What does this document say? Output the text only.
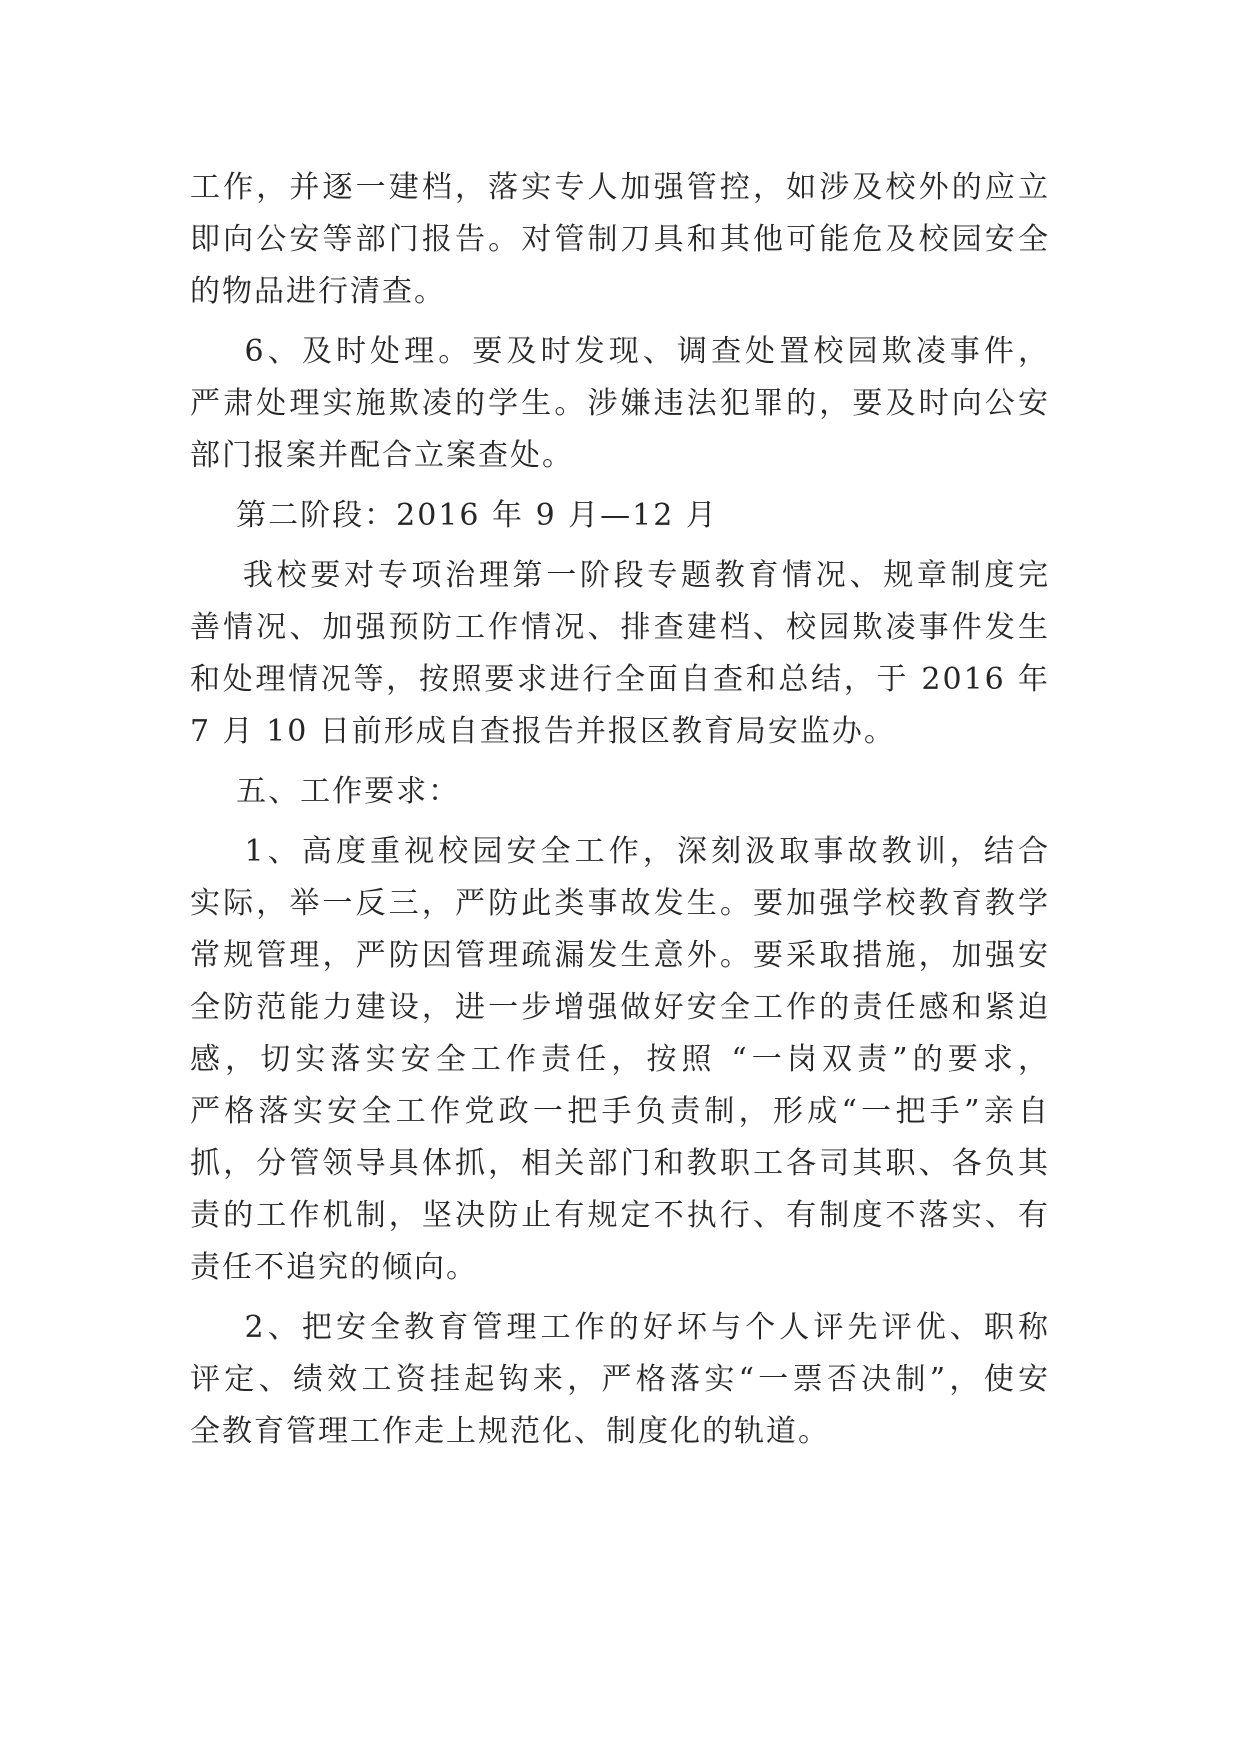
工作，并逐一建档，落实专人加强管控，如涉及校外的应立
即向公安等部门报告。对管制刀具和其他可能危及校园安全
的物品进行清查。
6、及时处理。要及时发现、调查处置校园欺凌事件，
严肃处理实施欺凌的学生。涉嫌违法犯罪的，要及时向公安
部门报案并配合立案查处。
第二阶段：2016 年 9 月—12 月
我校要对专项治理第一阶段专题教育情况、规章制度完
善情况、加强预防工作情况、排查建档、校园欺凌事件发生
和处理情况等，按照要求进行全面自查和总结，于 2016 年
7 月 10 日前形成自查报告并报区教育局安监办。
五、工作要求：
1、高度重视校园安全工作，深刻汲取事故教训，结合
实际，举一反三，严防此类事故发生。要加强学校教育教学
常规管理，严防因管理疏漏发生意外。要采取措施，加强安
全防范能力建设，进一步增强做好安全工作的责任感和紧迫
感，切实落实安全工作责任，按照 “一岗双责”的要求，
严格落实安全工作党政一把手负责制，形成“一把手”亲自
抓，分管领导具体抓，相关部门和教职工各司其职、各负其
责的工作机制，坚决防止有规定不执行、有制度不落实、有
责任不追究的倾向。
2、把安全教育管理工作的好坏与个人评先评优、职称
评定、绩效工资挂起钩来，严格落实“一票否决制”，使安
全教育管理工作走上规范化、制度化的轨道。
